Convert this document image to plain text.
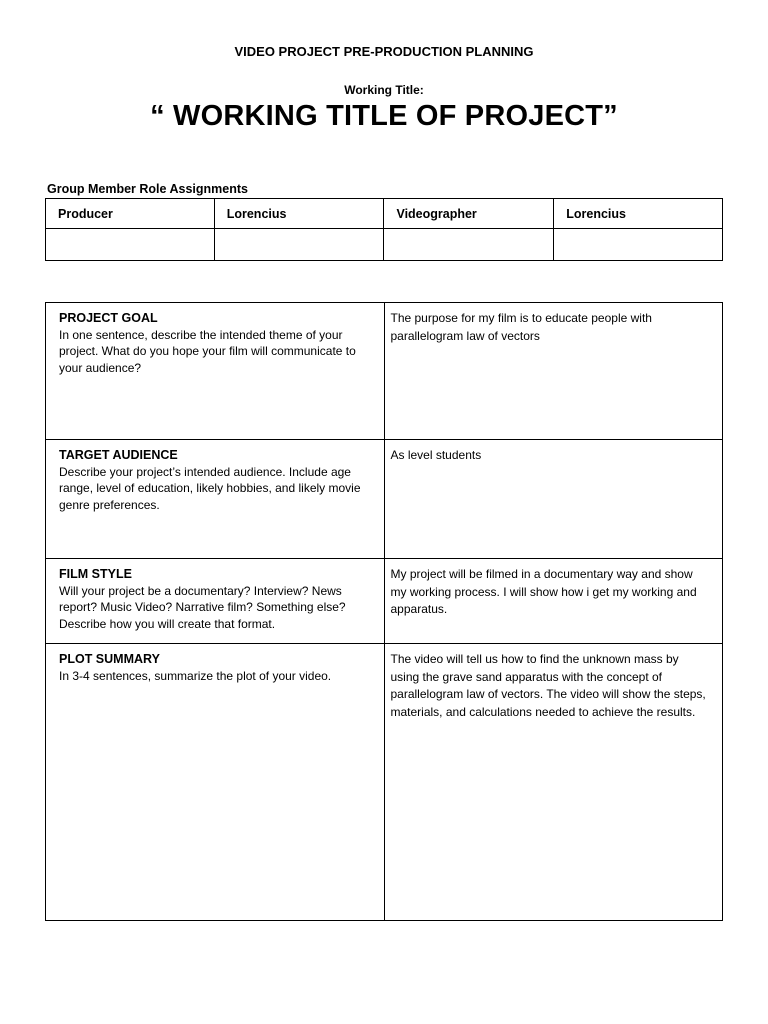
VIDEO PROJECT PRE-PRODUCTION PLANNING
Working Title:
“ WORKING TITLE OF PROJECT”
Group Member Role Assignments
Producer	Lorencius	Videographer	Lorencius

PROJECT GOAL
In one sentence, describe the intended theme of your project. What do you hope your film will communicate to your audience?	The purpose for my film is to educate people with parallelogram law of vectors

TARGET AUDIENCE
Describe your project’s intended audience. Include age range, level of education, likely hobbies, and likely movie genre preferences.	As level students

FILM STYLE
Will your project be a documentary? Interview? News report? Music Video? Narrative film? Something else? Describe how you will create that format.	My project will be filmed in a documentary way and show my working process. I will show how i get my working and apparatus.

PLOT SUMMARY
In 3-4 sentences, summarize the plot of your video.	The video will tell us how to find the unknown mass by using the grave sand apparatus with the concept of parallelogram law of vectors. The video will show the steps, materials, and calculations needed to achieve the results.
